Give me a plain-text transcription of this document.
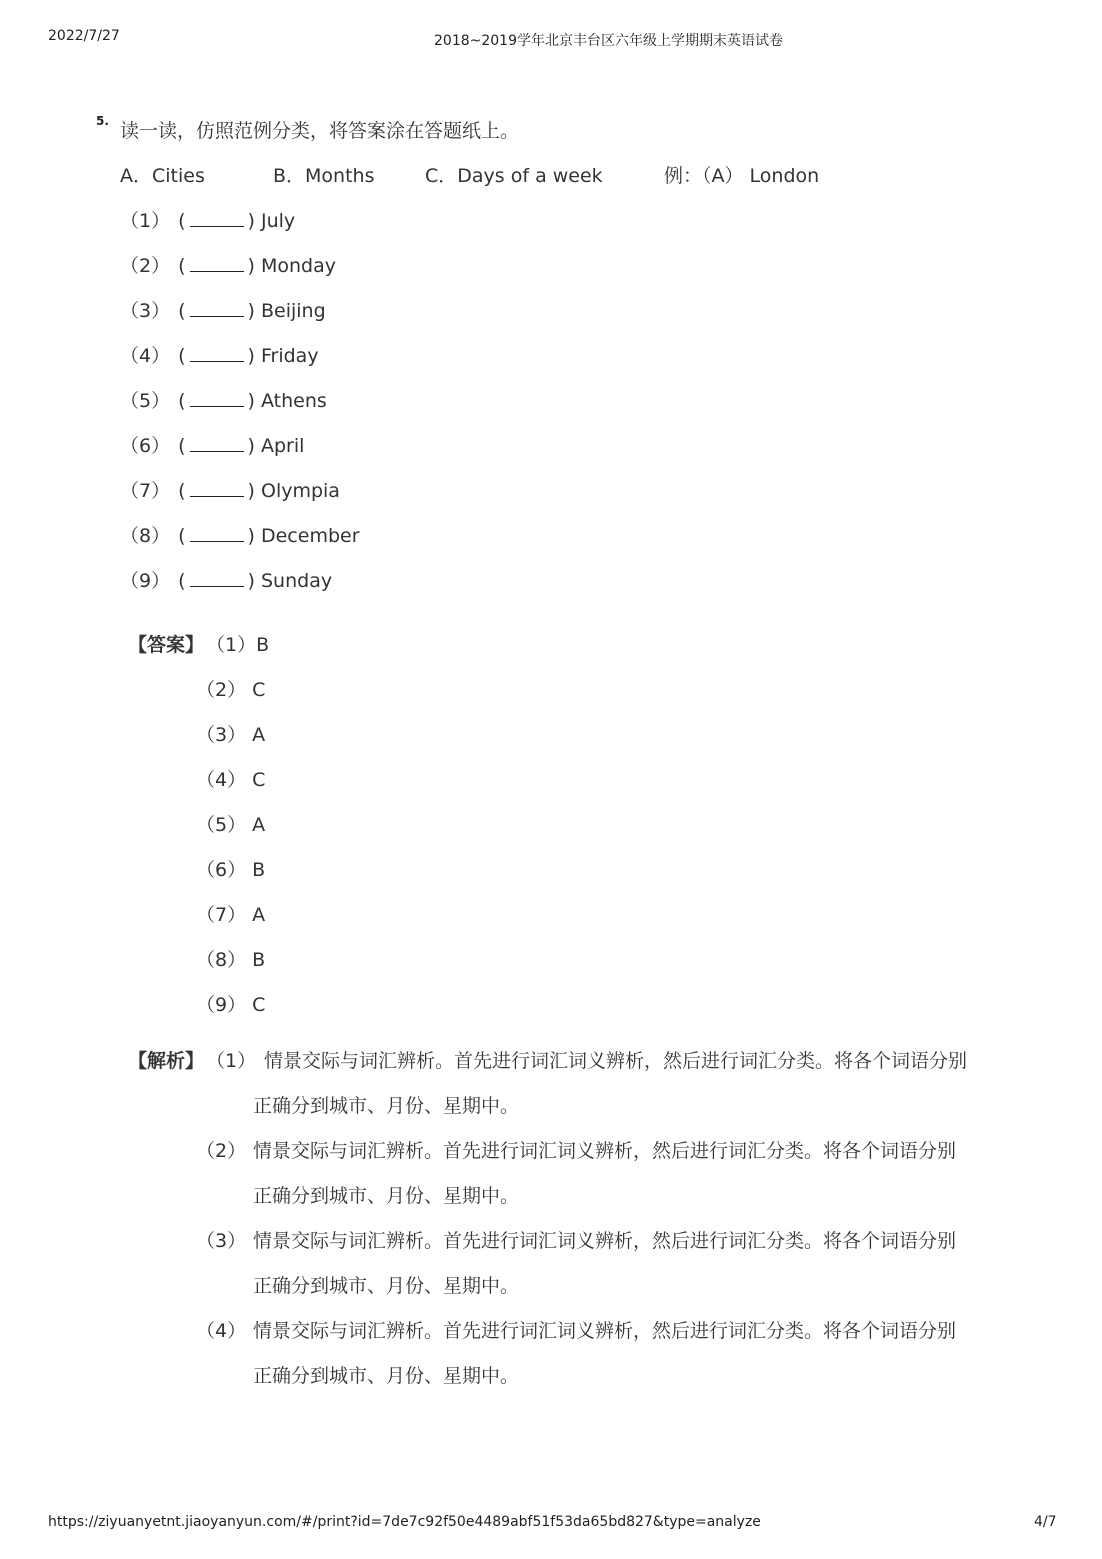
2022/7/27	2018~2019学年北京丰台区六年级上学期期末英语试卷
5. 读一读，仿照范例分类，将答案涂在答题纸上。
A．Cities	B．Months	C．Days of a week	例：（A） London
（1） (	) July
（2） (	) Monday
（3） (	) Beijing
（4） (	) Friday
（5） (	) Athens
（6） (	) April
（7） (	) Olympia
（8） (	) December
（9） (	) Sunday
【答案】 （1）B
（2） C
（3） A
（4） C
（5） A
（6） B
（7） A
（8） B
（9） C
【解析】 （1） 情景交际与词汇辨析。首先进行词汇词义辨析，然后进行词汇分类。将各个词语分别
正确分到城市、月份、星期中。
（2） 情景交际与词汇辨析。首先进行词汇词义辨析，然后进行词汇分类。将各个词语分别
正确分到城市、月份、星期中。
（3） 情景交际与词汇辨析。首先进行词汇词义辨析，然后进行词汇分类。将各个词语分别
正确分到城市、月份、星期中。
（4） 情景交际与词汇辨析。首先进行词汇词义辨析，然后进行词汇分类。将各个词语分别
正确分到城市、月份、星期中。
https://ziyuanyetnt.jiaoyanyun.com/#/print?id=7de7c92f50e4489abf51f53da65bd827&type=analyze	4/7
